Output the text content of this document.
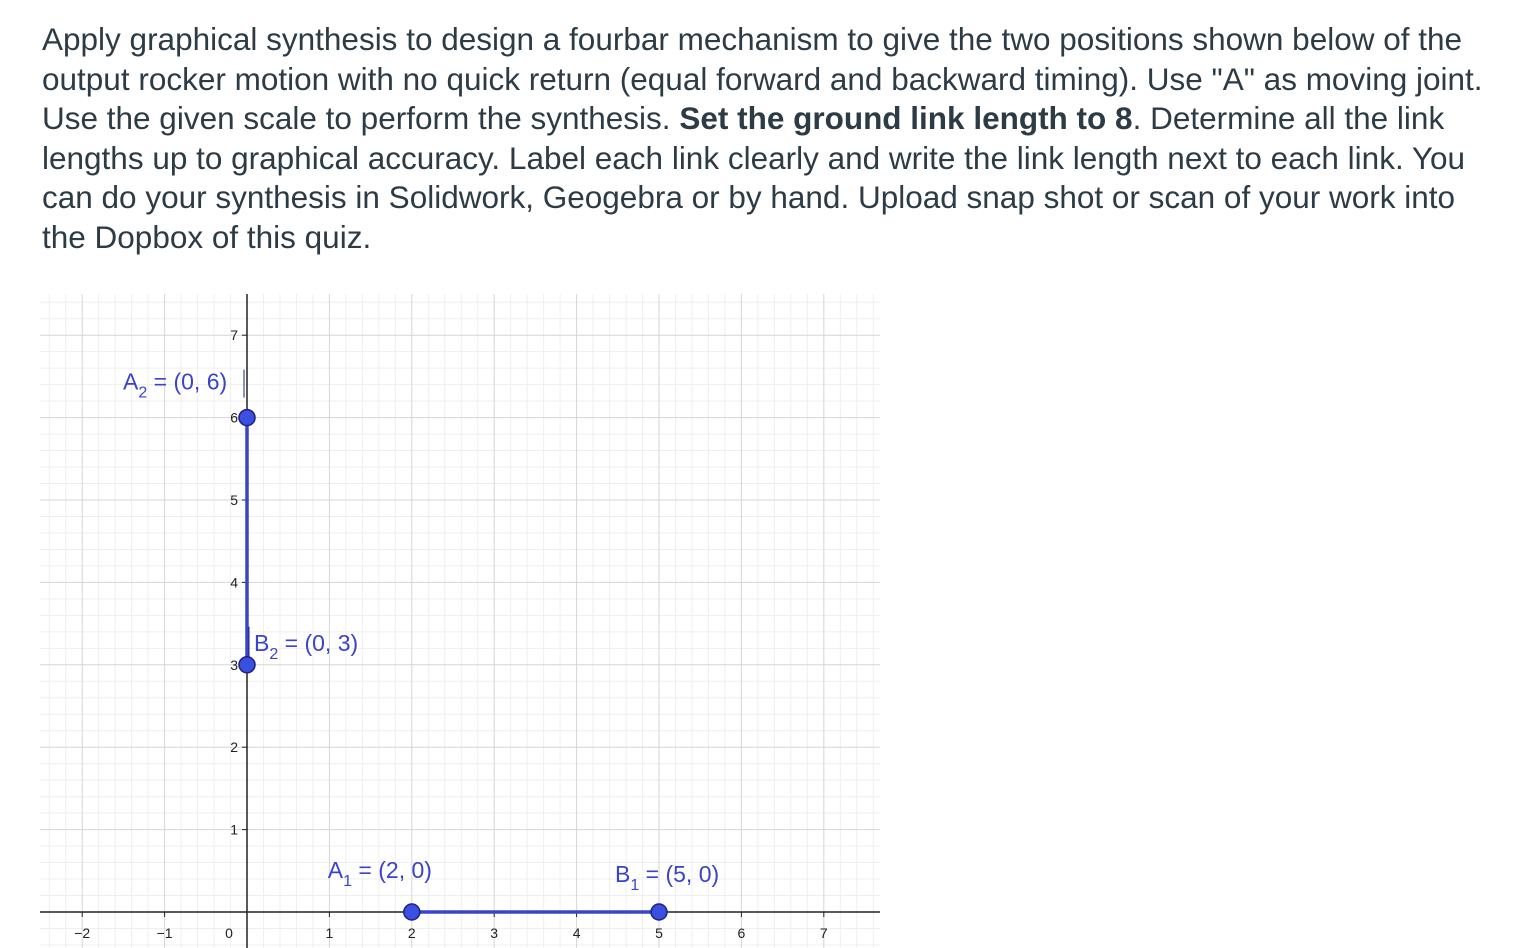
Apply graphical synthesis to design a fourbar mechanism to give the two positions shown below of the output rocker motion with no quick return (equal forward and backward timing). Use "A" as moving joint. Use the given scale to perform the synthesis. Set the ground link length to 8. Determine all the link lengths up to graphical accuracy. Label each link clearly and write the link length next to each link. You can do your synthesis in Solidwork, Geogebra or by hand. Upload snap shot or scan of your work into the Dopbox of this quiz.

−2	−1	0	1	2	3	4	5	6	7
1
2
3
4
5
6
7
$A_2 = (0$, 6)
$B_2 = (0$, 3)
$A_1 = (2$, 0)	$B_1 = (5$, 0)
